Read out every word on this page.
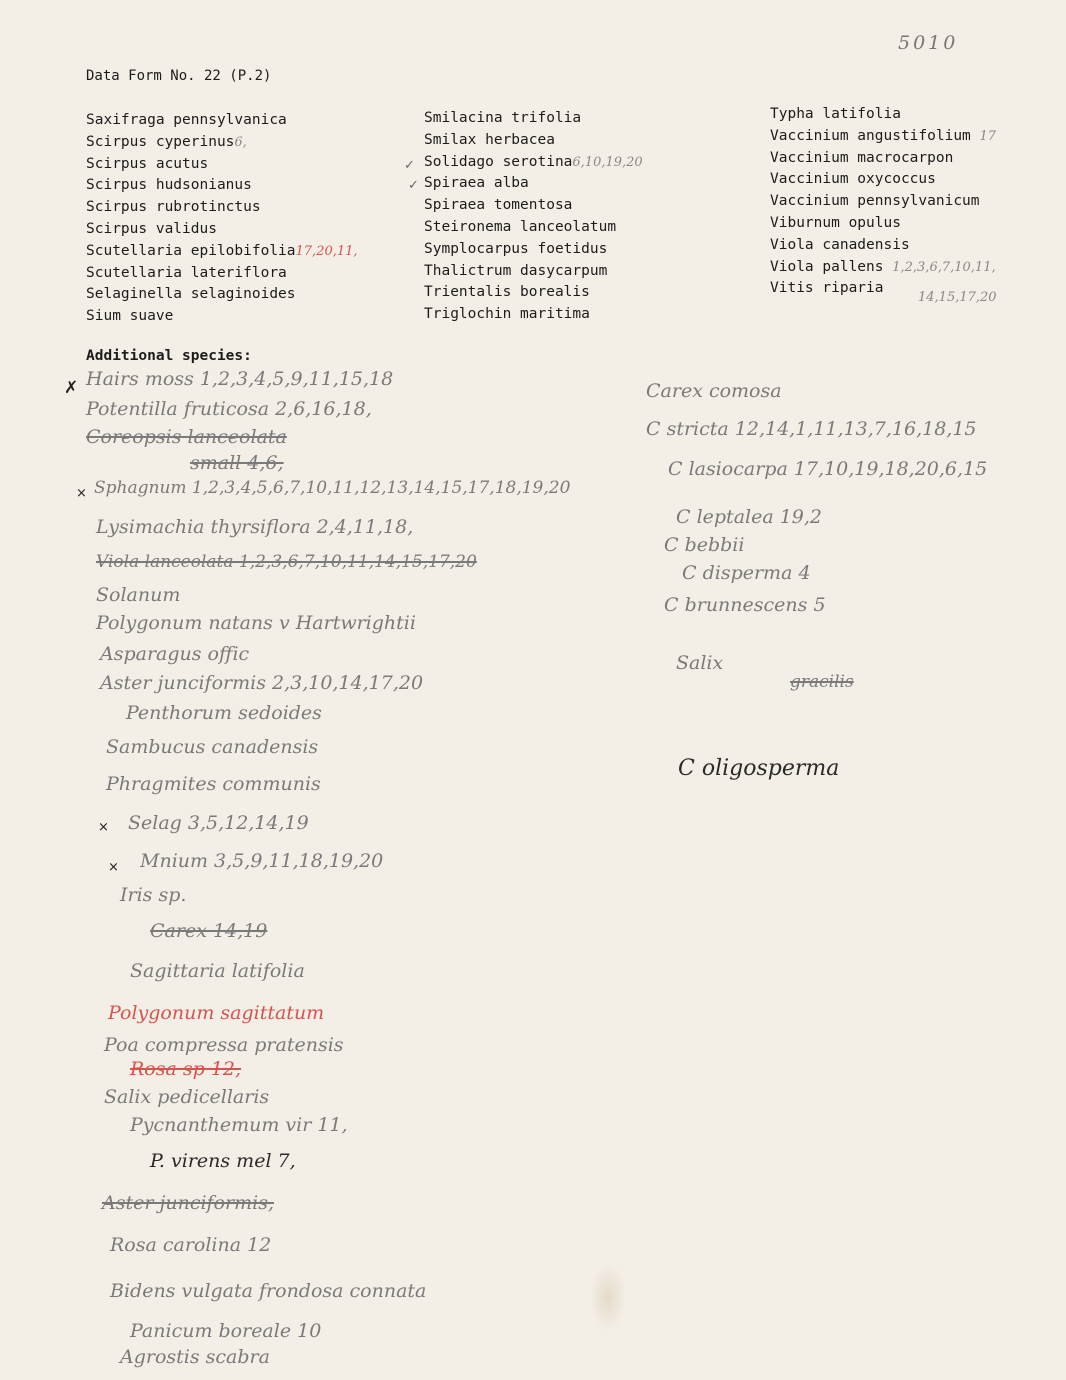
5010
Data Form No. 22 (P.2)
Saxifraga pennsylvanica
Scirpus cyperinus6,
Scirpus acutus
Scirpus hudsonianus
Scirpus rubrotinctus
Scirpus validus
Scutellaria epilobifolia17,20,11,
Scutellaria lateriflora
Selaginella selaginoides
Sium suave
Smilacina trifolia
Smilax herbacea
Solidago serotina6,10,19,20
Spiraea alba
Spiraea tomentosa
Steironema lanceolatum
Symplocarpus foetidus
Thalictrum dasycarpum
Trientalis borealis
Triglochin maritima
Typha latifolia
Vaccinium angustifolium 17
Vaccinium macrocarpon
Vaccinium oxycoccus
Vaccinium pennsylvanicum
Viburnum opulus
Viola canadensis
Viola pallens 1,2,3,6,7,10,11,
Vitis riparia
14,15,17,20
✓
✓
Additional species:
✗ Hairs moss 1,2,3,4,5,9,11,15,18
Potentilla fruticosa 2,6,16,18,
Coreopsis lanceolata
small 4,6,
× Sphagnum 1,2,3,4,5,6,7,10,11,12,13,14,15,17,18,19,20
Lysimachia thyrsiflora 2,4,11,18,
Viola lanceolata 1,2,3,6,7,10,11,14,15,17,20
Solanum
Polygonum natans v Hartwrightii
Asparagus offic
Aster junciformis 2,3,10,14,17,20
Penthorum sedoides
Sambucus canadensis
Phragmites communis
× Selag 3,5,12,14,19
× Mnium 3,5,9,11,18,19,20
Iris sp.
Carex 14,19
Sagittaria latifolia
Polygonum sagittatum
Poa compressa pratensis
Rosa sp 12,
Salix pedicellaris
Pycnanthemum vir 11,
P. virens mel 7,
Aster junciformis,
Rosa carolina 12
Bidens vulgata frondosa connata
Panicum boreale 10
Agrostis scabra
Carex comosa
C stricta 12,14,1,11,13,7,16,18,15
C lasiocarpa 17,10,19,18,20,6,15
C leptalea 19,2
C bebbii
C disperma 4
C brunnescens 5
Salix
gracilis
C oligosperma
